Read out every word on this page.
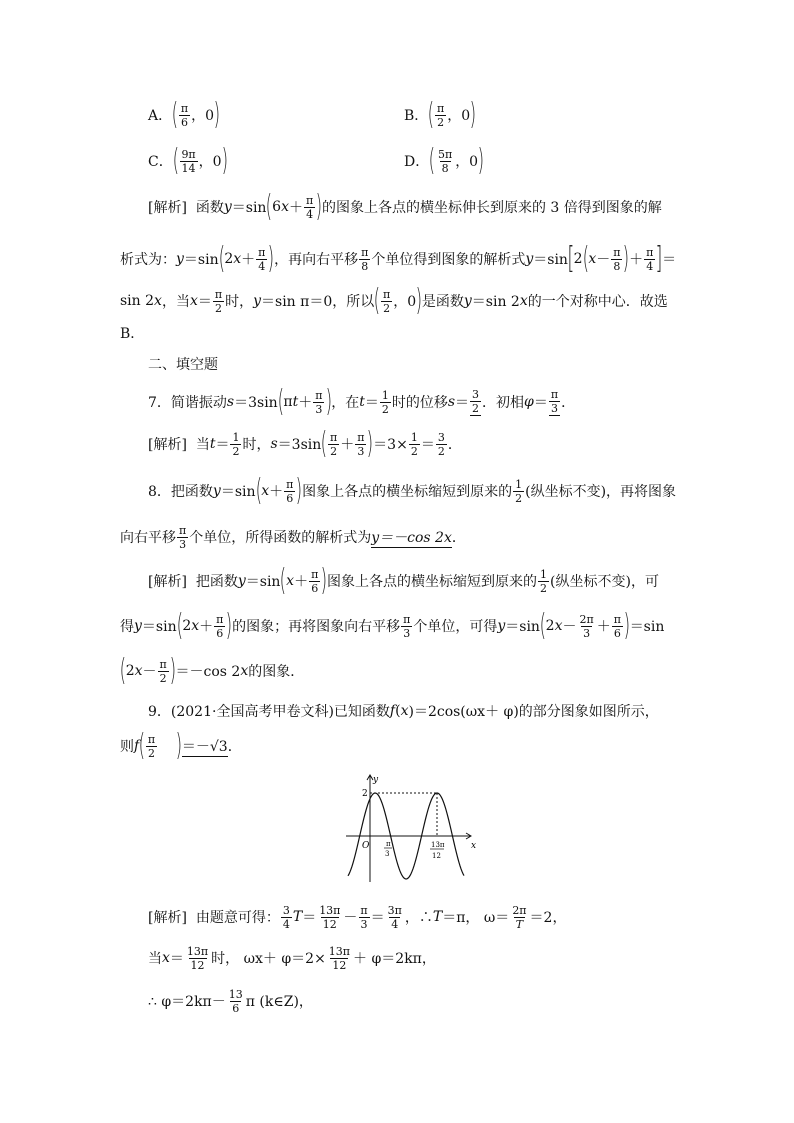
A． ( π
6 ，0 )	B． ( π
2 ，0 )
C． ( 9π
14 ，0 )	D． ( 5π
8 ，0 )
[解析]
函数 y ＝sin ( 6 x ＋ π
4 ) 的图象上各点的横坐标伸长到原来的 3 倍得到图象的解
析式为： y ＝sin ( 2 x ＋ π
4 ) ，再向右平移 π
8 个单位得到图象的解析式 y ＝sin [ 2 ( x － π
8 ) ＋ π
4 ] ＝
sin 2 x ，当 x ＝ π
2 时， y ＝sin π＝0，所以 ( π
2 ，0 ) 是函数 y ＝sin 2 x 的一个对称中心．故选
B．
二、填空题
7．简谐振动 s ＝3sin ( π t ＋ π
3 ) ，在 t ＝ 1
2 时的位移 s ＝
3
2 ．初相 φ ＝
π
3 ．
[解析]
当 t ＝ 1
2 时， s ＝3sin ( π
2 ＋ π
3 ) $=3\times \frac{1}{2} = 3$
2 ．
8．把函数 y ＝sin ( x ＋ π
6 ) 图象上各点的横坐标缩短到原来的 1
2 (纵坐标不变)，再将图象
向右平移 π
3 个单位，所得函数的解析式为 y＝－cos 2x ．
[解析]
把函数 y ＝sin ( x ＋ π
6 ) 图象上各点的横坐标缩短到原来的 1
2 (纵坐标不变)，可
得 y ＝sin ( 2 x ＋ π
6 ) 的图象；再将图象向右平移 π
3 个单位，可得 y ＝sin ( 2 x － 2π
3 ＋ π
6 ) ＝sin
( 2 x － π
2 ) ＝－cos 2 x 的图象．
9．(2021·全国高考甲卷文科)已知函数 f ( x )＝2cos(ωx＋ φ)的部分图象如图所示，
则 f ( π
2 ) ＝－√3 ．
y
x
O
2
π
3
13π
12
[解析]
由题意可得： 3
4 T ＝ 13π
12 － π
3 ＝ 3π
4 ，∴ T ＝π，
ω＝ 2π
T ＝2，
当 x ＝ 13π
12 时，
$\omega x+ \varphi=2\times \frac{13\pi}{12} + \varphi=2k\pi$，
∴ φ＝2kπ－ 13
6 π (k∈Z)，
